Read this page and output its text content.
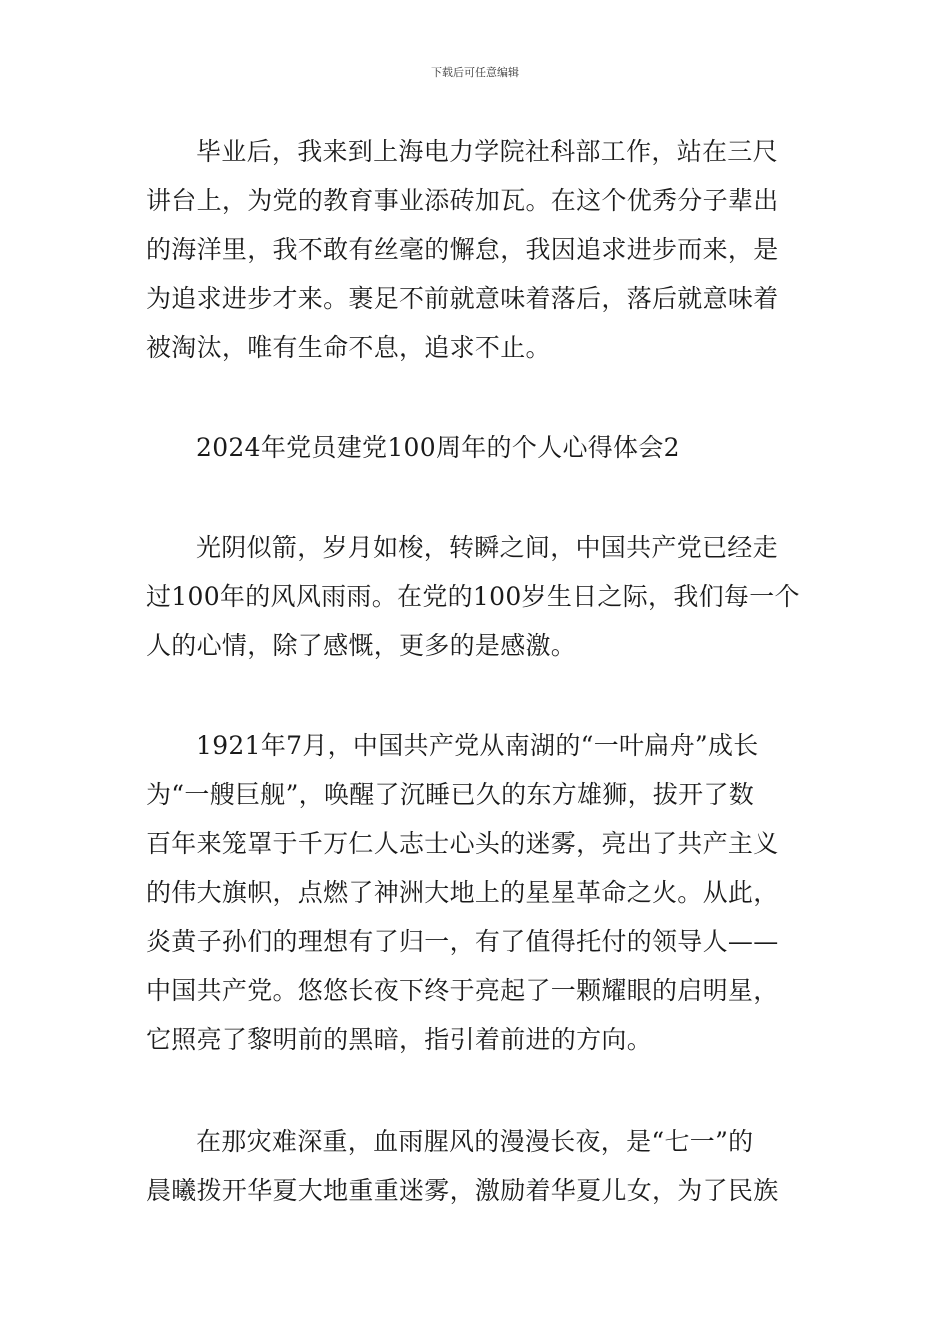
下载后可任意编辑
毕业后，我来到上海电力学院社科部工作，站在三尺
讲台上，为党的教育事业添砖加瓦。在这个优秀分子辈出
的海洋里，我不敢有丝毫的懈怠，我因追求进步而来，是
为追求进步才来。裹足不前就意味着落后，落后就意味着
被淘汰，唯有生命不息，追求不止。
2024年党员建党100周年的个人心得体会2
光阴似箭，岁月如梭，转瞬之间，中国共产党已经走
过100年的风风雨雨。在党的100岁生日之际，我们每一个
人的心情，除了感慨，更多的是感激。
1921年7月，中国共产党从南湖的“一叶扁舟”成长
为“一艘巨舰”，唤醒了沉睡已久的东方雄狮，拔开了数
百年来笼罩于千万仁人志士心头的迷雾，亮出了共产主义
的伟大旗帜，点燃了神洲大地上的星星革命之火。从此，
炎黄子孙们的理想有了归一，有了值得托付的领导人——
中国共产党。悠悠长夜下终于亮起了一颗耀眼的启明星，
它照亮了黎明前的黑暗，指引着前进的方向。
在那灾难深重，血雨腥风的漫漫长夜，是“七一”的
晨曦拨开华夏大地重重迷雾，激励着华夏儿女，为了民族
